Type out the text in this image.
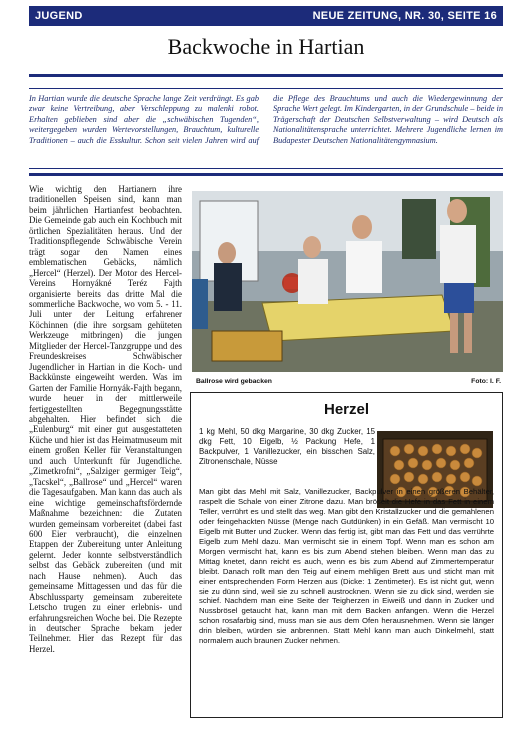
JUGEND	NEUE ZEITUNG, NR. 30, SEITE 16
Backwoche in Hartian
In Hartian wurde die deutsche Sprache lange Zeit verdrängt. Es gab zwar keine Vertreibung, aber Verschleppung zu malenki robot. Erhalten geblieben sind aber die „schwäbischen Tugenden“, weitergegeben wurden Wertevorstellungen, Brauchtum, kulturelle Traditionen – auch die Esskultur. Schon seit vielen Jahren wird auf die Pflege des Brauchtums und auch die Wiedergewinnung der Sprache Wert gelegt. Im Kindergarten, in der Grundschule – beide in Trägerschaft der Deutschen Selbstverwaltung – wird Deutsch als Nationalitätensprache unterrichtet. Mehrere Jugendliche lernen im Budapester Deutschen Nationalitätengymnasium.
Wie wichtig den Hartianern ihre traditionellen Speisen sind, kann man beim jährlichen Hartianfest beobachten. Die Gemeinde gab auch ein Kochbuch mit örtlichen Spezialitäten heraus. Und der Traditionspflegende Schwäbische Verein trägt sogar den Namen eines emblematischen Gebäcks, nämlich „Hercel“ (Herzel). Der Motor des Hercel-Vereins Hornyákné Teréz Fajth organisierte bereits das dritte Mal die sommerliche Backwoche, wo vom 5. - 11. Juli unter der Leitung erfahrener Köchinnen (die ihre sorgsam gehüteten Werkzeuge mitbringen) die jungen Mitglieder der Hercel-Tanzgruppe und des Freundeskreises Schwäbischer Jugendlicher in Hartian in die Koch- und Backkünste eingeweiht werden. Was im Garten der Familie Hornyák-Fajth begann, wurde heuer in der mittlerweile fertiggestellten Begegnungsstätte abgehalten. Hier befindet sich die „Eulenburg“ mit einer gut ausgestatteten Küche und hier ist das Heimatmuseum mit einem großen Keller für Veranstaltungen und auch Unterkunft für Jugendliche. „Zimetkrofni“, „Salziger germiger Teig“, „Tacskel“, „Ballrose“ und „Hercel“ waren die Tagesaufgaben. Man kann das auch als eine wichtige gemeinschaftsfördernde Maßnahme bezeichnen: die Zutaten wurden gemeinsam vorbereitet (dabei fast 600 Eier verbraucht), die einzelnen Etappen der Zubereitung unter Anleitung gelernt. Jeder konnte selbstverständlich selbst das Gebäck zubereiten (und mit nach Hause nehmen). Auch das gemeinsame Mittagessen und das für die Abschlussparty gemeinsam zubereitete Letscho trugen zu einer erlebnis- und erfahrungsreichen Woche bei. Die Rezepte in deutscher Sprache bekam jeder Teilnehmer. Hier das Rezept für das Herzel.
Ballrose wird gebacken	Foto: I. F.
Herzel
1 kg Mehl, 50 dkg Margarine, 30 dkg Zucker, 15 dkg Fett, 10 Eigelb, ½ Packung Hefe, 1 Backpulver, 1 Vanillezucker, ein bisschen Salz, Zitronenschale, Nüsse
Man gibt das Mehl mit Salz, Vanillezucker, Backpulver in einen größeren Behälter, raspelt die Schale von einer Zitrone dazu. Man bröselt die Hefe in das Fett in einem Teller, verrührt es und stellt das weg. Man gibt den Kristallzucker und die gemahlenen oder feingehackten Nüsse (Menge nach Gutdünken) in ein Gefäß. Man vermischt 10 Eigelb mit Butter und Zucker. Wenn das fertig ist, gibt man das Fett und das verrührte Eigelb zum Mehl dazu. Man vermischt sie in einem Topf. Wenn man es schon am Morgen vermischt hat, kann es bis zum Abend stehen bleiben. Wenn man das zu Mittag knetet, dann reicht es auch, wenn es bis zum Abend auf Zimmertemperatur bleibt. Danach rollt man den Teig auf einem mehligen Brett aus und sticht man mit einer entsprechenden Form Herzen aus (Dicke: 1 Zentimeter). Es ist nicht gut, wenn sie zu dünn sind, weil sie zu schnell austrocknen. Wenn sie zu dick sind, werden sie schief. Nachdem man eine Seite der Teigherzen in Eiweiß und dann in Zucker und Nussbrösel getaucht hat, kann man mit dem Backen anfangen. Wenn die Herzel schon rosafarbig sind, muss man sie aus dem Ofen herausnehmen. Wenn sie länger drin bleiben, würden sie anbrennen. Statt Mehl kann man auch Dinkelmehl, statt normalem auch braunen Zucker nehmen.
